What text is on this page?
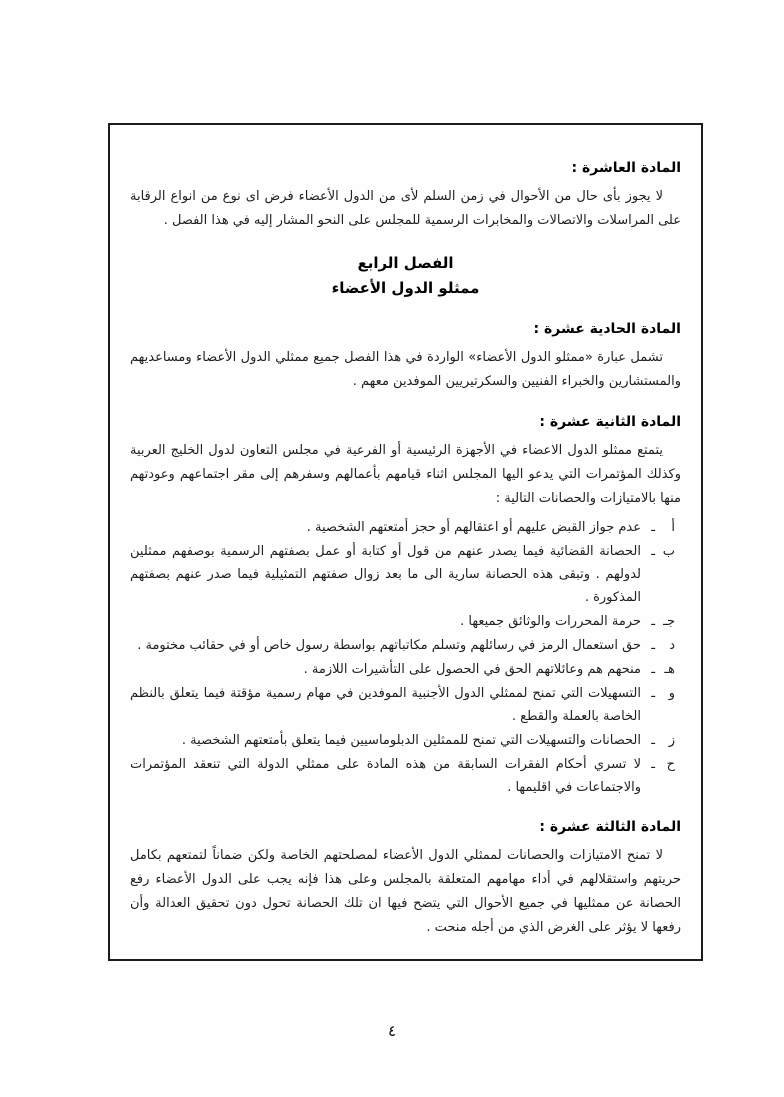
المادة العاشرة :

لا يجوز بأى حال من الأحوال في زمن السلم لأى من الدول الأعضاء فرض اى نوع من انواع الرقابة على المراسلات والاتصالات والمخابرات الرسمية للمجلس على النحو المشار إليه في هذا الفصل .

الفصل الرابع
ممثلو الدول الأعضاء
المادة الحادية عشرة :

تشمل عبارة «ممثلو الدول الأعضاء» الواردة في هذا الفصل جميع ممثلي الدول الأعضاء ومساعديهم والمستشارين والخبراء الفنيين والسكرتيريين الموفدين معهم .

المادة الثانية عشرة :

يتمتع ممثلو الدول الاعضاء في الأجهزة الرئيسية أو الفرعية في مجلس التعاون لدول الخليج العربية وكذلك المؤتمرات التي يدعو اليها المجلس اثناء قيامهم بأعمالهم وسفرهم إلى مقر اجتماعهم وعودتهم منها بالامتيازات والحصانات التالية :

أ
ـ
عدم جواز القبض عليهم أو اعتقالهم أو حجز أمتعتهم الشخصية .
ب
ـ
الحصانة القضائية فيما يصدر عنهم من قول أو كتابة أو عمل بصفتهم الرسمية بوصفهم ممثلين لدولهم . وتبقى هذه الحصانة سارية الى ما بعد زوال صفتهم التمثيلية فيما صدر عنهم بصفتهم المذكورة .
جـ
ـ
حرمة المحررات والوثائق جميعها .
د
ـ
حق استعمال الرمز في رسائلهم وتسلم مكاتباتهم بواسطة رسول خاص أو في حقائب مختومة .
هـ
ـ
منحهم هم وعائلاتهم الحق في الحصول على التأشيرات اللازمة .
و
ـ
التسهيلات التي تمنح لممثلي الدول الأجنبية الموفدين في مهام رسمية مؤقتة فيما يتعلق بالنظم الخاصة بالعملة والقطع .
ز
ـ
الحصانات والتسهيلات التي تمنح للممثلين الدبلوماسيين فيما يتعلق بأمتعتهم الشخصية .
ح
ـ
لا تسري أحكام الفقرات السابقة من هذه المادة على ممثلي الدولة التي تنعقد المؤتمرات والاجتماعات في اقليمها .
المادة الثالثة عشرة :

لا تمنح الامتيازات والحصانات لممثلي الدول الأعضاء لمصلحتهم الخاصة ولكن ضماناً لتمتعهم بكامل حريتهم واستقلالهم في أداء مهامهم المتعلقة بالمجلس وعلى هذا فإنه يجب على الدول الأعضاء رفع الحصانة عن ممثليها في جميع الأحوال التي يتضح فيها ان تلك الحصانة تحول دون تحقيق العدالة وأن رفعها لا يؤثر على الغرض الذي من أجله منحت .

٤
